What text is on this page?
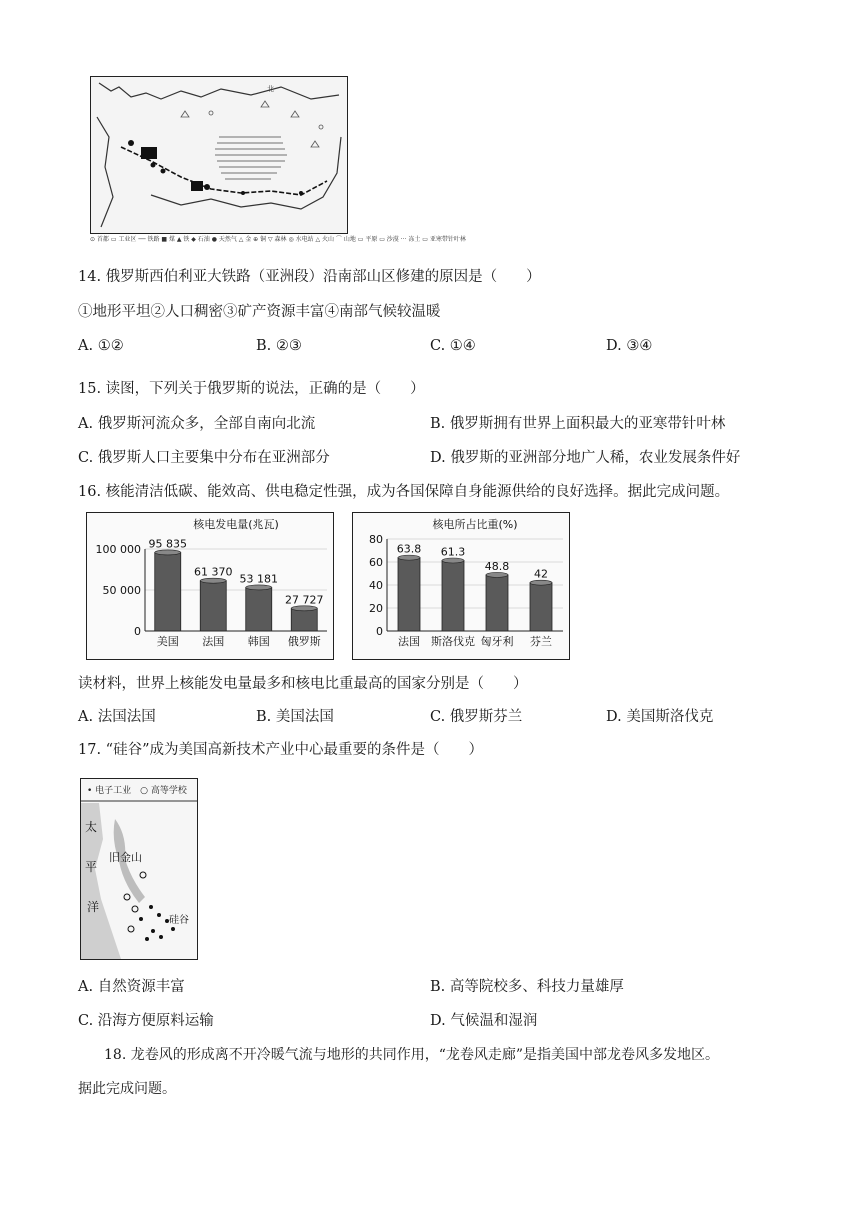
北
⊙ 首都 ▭ 工业区 ── 铁路 ■ 煤 ▲ 铁 ◆ 石油 ● 天然气 △ 金 ⊕ 铜 ▽ 森林 ◎ 水电站 △ 火山 ⌒ 山地 ▭ 平原 ▭ 沙漠 ··· 冻土 ▭ 亚寒带针叶林
14. 俄罗斯西伯利亚大铁路（亚洲段）沿南部山区修建的原因是（　　）
①地形平坦②人口稠密③矿产资源丰富④南部气候较温暖
A. ①②	B. ②③	C. ①④	D. ③④
15. 读图，下列关于俄罗斯的说法，正确的是（　　）
A. 俄罗斯河流众多，全部自南向北流	B. 俄罗斯拥有世界上面积最大的亚寒带针叶林
C. 俄罗斯人口主要集中分布在亚洲部分	D. 俄罗斯的亚洲部分地广人稀，农业发展条件好
16. 核能清洁低碳、能效高、供电稳定性强，成为各国保障自身能源供给的良好选择。据此完成问题。
核电发电量(兆瓦)
100 000
50 000
0
95 835
美国
61 370
法国
53 181
韩国
27 727
俄罗斯
核电所占比重(%)
80
60
40
20
0
63.8
法国
61.3
斯洛伐克
48.8
匈牙利
42
芬兰
读材料，世界上核能发电量最多和核电比重最高的国家分别是（　　）
A. 法国法国	B. 美国法国	C. 俄罗斯芬兰	D. 美国斯洛伐克
17. “硅谷”成为美国高新技术产业中心最重要的条件是（　　）
• 电子工业　○ 高等学校
太
平
洋
旧金山
硅谷
A. 自然资源丰富	B. 高等院校多、科技力量雄厚
C. 沿海方便原料运输	D. 气候温和湿润
18. 龙卷风的形成离不开冷暖气流与地形的共同作用，“龙卷风走廊”是指美国中部龙卷风多发地区。
据此完成问题。
